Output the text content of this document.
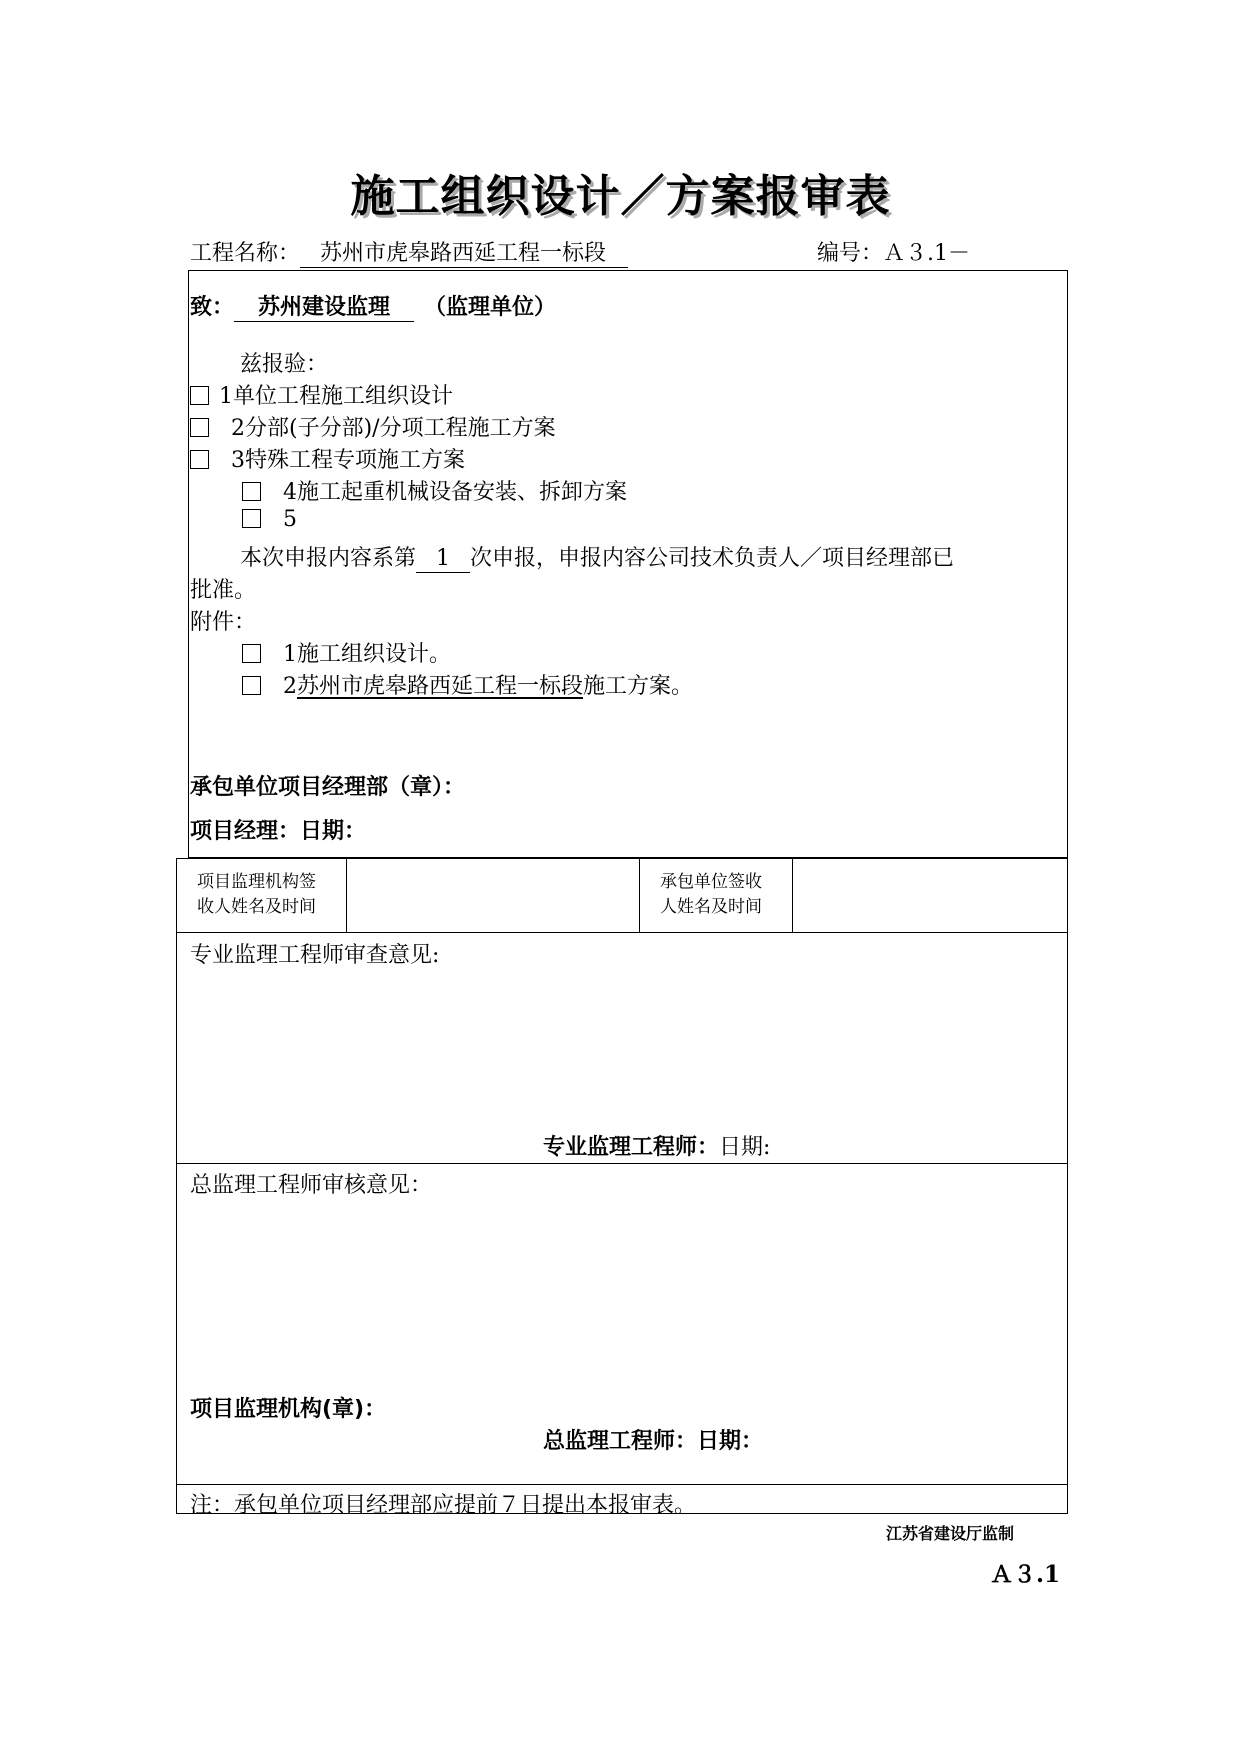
施工组织设计／方案报审表
工程名称： 苏州市虎皋路西延工程一标段	编号：Ａ３.1－
致： 苏州建设监理 （监理单位）
兹报验：
1单位工程施工组织设计
2分部(子分部)/分项工程施工方案
3特殊工程专项施工方案
4施工起重机械设备安装、拆卸方案
5
本次申报内容系第 1 次申报，申报内容公司技术负责人／项目经理部已
批准。
附件：
1施工组织设计。
2苏州市虎皋路西延工程一标段施工方案。
承包单位项目经理部（章）：
项目经理：日期：
项目监理机构签
收人姓名及时间
承包单位签收
人姓名及时间
专业监理工程师审查意见:
专业监理工程师：日期:
总监理工程师审核意见：
项目监理机构(章)：
总监理工程师：日期：
注：承包单位项目经理部应提前７日提出本报审表。
江苏省建设厅监制
Ａ３.1
